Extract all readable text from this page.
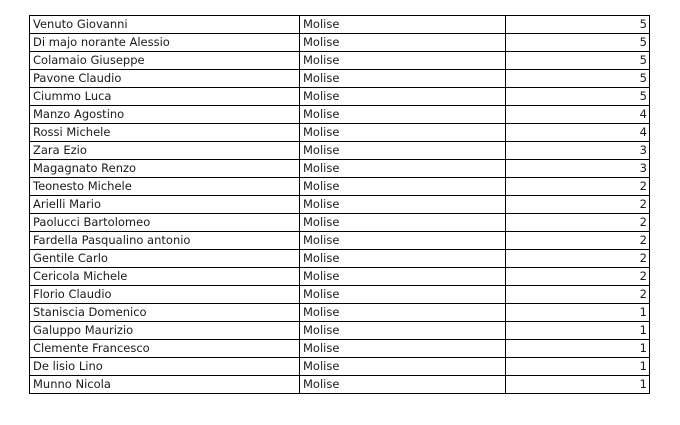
Venuto Giovanni	Molise	5
Di majo norante Alessio	Molise	5
Colamaio Giuseppe	Molise	5
Pavone Claudio	Molise	5
Ciummo Luca	Molise	5
Manzo Agostino	Molise	4
Rossi Michele	Molise	4
Zara Ezio	Molise	3
Magagnato Renzo	Molise	3
Teonesto Michele	Molise	2
Arielli Mario	Molise	2
Paolucci Bartolomeo	Molise	2
Fardella Pasqualino antonio	Molise	2
Gentile Carlo	Molise	2
Cericola Michele	Molise	2
Florio Claudio	Molise	2
Staniscia Domenico	Molise	1
Galuppo Maurizio	Molise	1
Clemente Francesco	Molise	1
De lisio Lino	Molise	1
Munno Nicola	Molise	1
